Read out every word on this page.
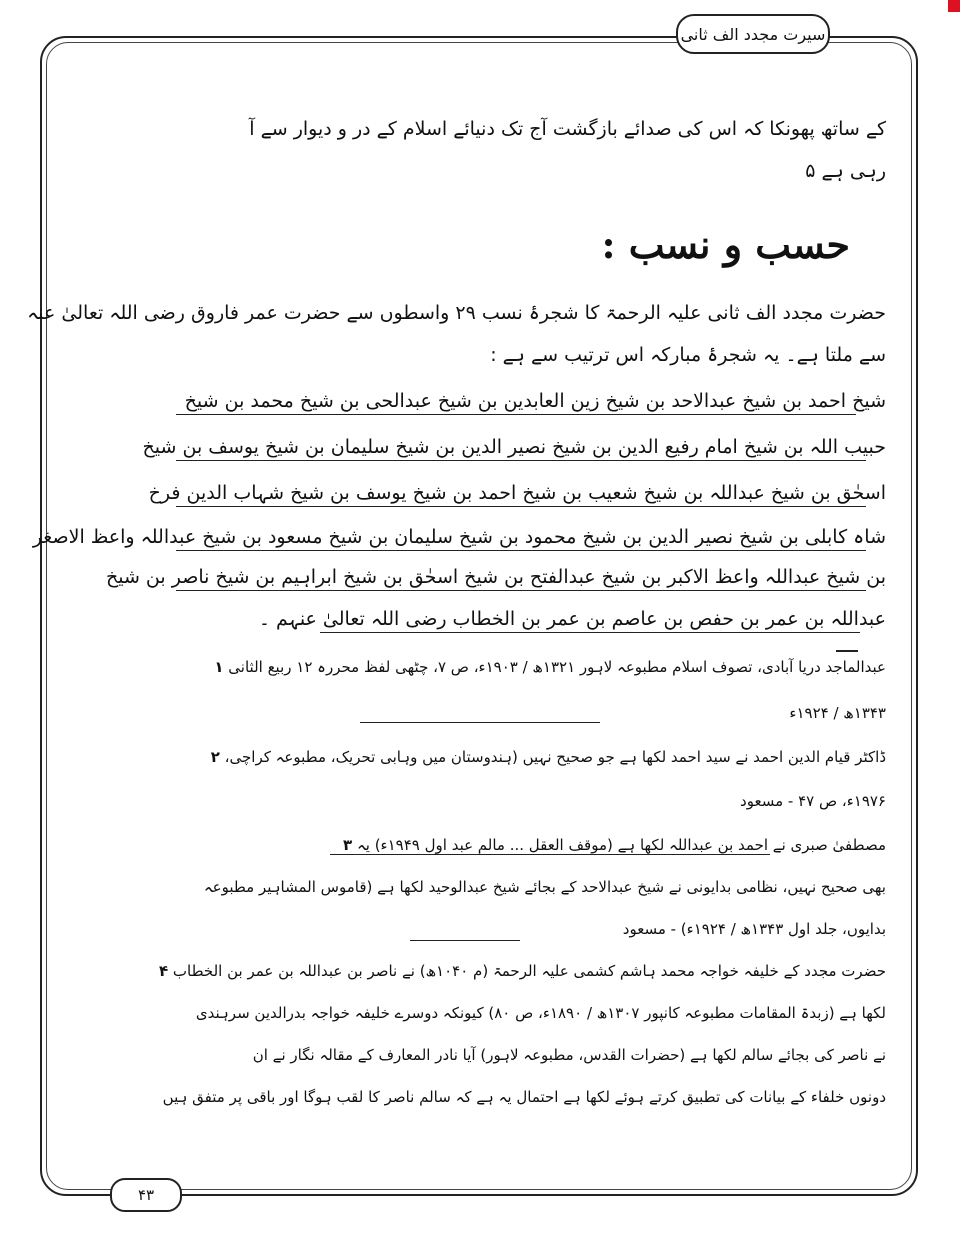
سیرت مجدد الف ثانی
کے ساتھ پھونکا کہ اس کی صدائے بازگشت آج تک دنیائے اسلام کے در و دیوار سے آ
رہی ہے ۵
حسب و نسب :
حضرت مجدد الف ثانی علیہ الرحمۃ کا شجرۂ نسب ۲۹ واسطوں سے حضرت عمر فاروق رضی اللہ تعالیٰ عنہ
سے ملتا ہے۔ یہ شجرۂ مبارکہ اس ترتیب سے ہے :
شیخ احمد بن شیخ عبدالاحد بن شیخ زین العابدین بن شیخ عبدالحی بن شیخ محمد بن شیخ
حبیب اللہ بن شیخ امام رفیع الدین بن شیخ نصیر الدین بن شیخ سلیمان بن شیخ یوسف بن شیخ
اسحٰق بن شیخ عبداللہ بن شیخ شعیب بن شیخ احمد بن شیخ یوسف بن شیخ شہاب الدین فرخ
شاہ کابلی بن شیخ نصیر الدین بن شیخ محمود بن شیخ سلیمان بن شیخ مسعود بن شیخ عبداللہ واعظ الاصغر
بن شیخ عبداللہ واعظ الاکبر بن شیخ عبدالفتح بن شیخ اسحٰق بن شیخ ابراہیم بن شیخ ناصر بن شیخ
عبداللہ بن عمر بن حفص بن عاصم بن عمر بن الخطاب رضی اللہ تعالیٰ عنہم ۔
عبدالماجد دریا آبادی، تصوف اسلام مطبوعہ لاہور ۱۳۲۱ھ / ۱۹۰۳ء، ص ۷، چٹھی لفظ محررہ ۱۲ ربیع الثانی ۱
۱۳۴۳ھ / ۱۹۲۴ء
ڈاکٹر قیام الدین احمد نے سید احمد لکھا ہے جو صحیح نہیں (ہندوستان میں وہابی تحریک، مطبوعہ کراچی، ۲
۱۹۷۶ء، ص ۴۷ - مسعود
مصطفیٰ صبری نے احمد بن عبداللہ لکھا ہے (موقف العقل ... مالم عبد اول ۱۹۴۹ء) یہ ۳
بھی صحیح نہیں، نظامی بدایونی نے شیخ عبدالاحد کے بجائے شیخ عبدالوحید لکھا ہے (قاموس المشاہیر مطبوعہ
بدایوں، جلد اول ۱۳۴۳ھ / ۱۹۲۴ء) - مسعود
حضرت مجدد کے خلیفہ خواجہ محمد ہاشم کشمی علیہ الرحمۃ (م ۱۰۴۰ھ) نے ناصر بن عبداللہ بن عمر بن الخطاب ۴
لکھا ہے (زبدۃ المقامات مطبوعہ کانپور ۱۳۰۷ھ / ۱۸۹۰ء، ص ۸۰) کیونکہ دوسرے خلیفہ خواجہ بدرالدین سرہندی
نے ناصر کی بجائے سالم لکھا ہے (حضرات القدس، مطبوعہ لاہور) آیا نادر المعارف کے مقالہ نگار نے ان
دونوں خلفاء کے بیانات کی تطبیق کرتے ہوئے لکھا ہے احتمال یہ ہے کہ سالم ناصر کا لقب ہوگا اور باقی پر متفق ہیں
۴۳
